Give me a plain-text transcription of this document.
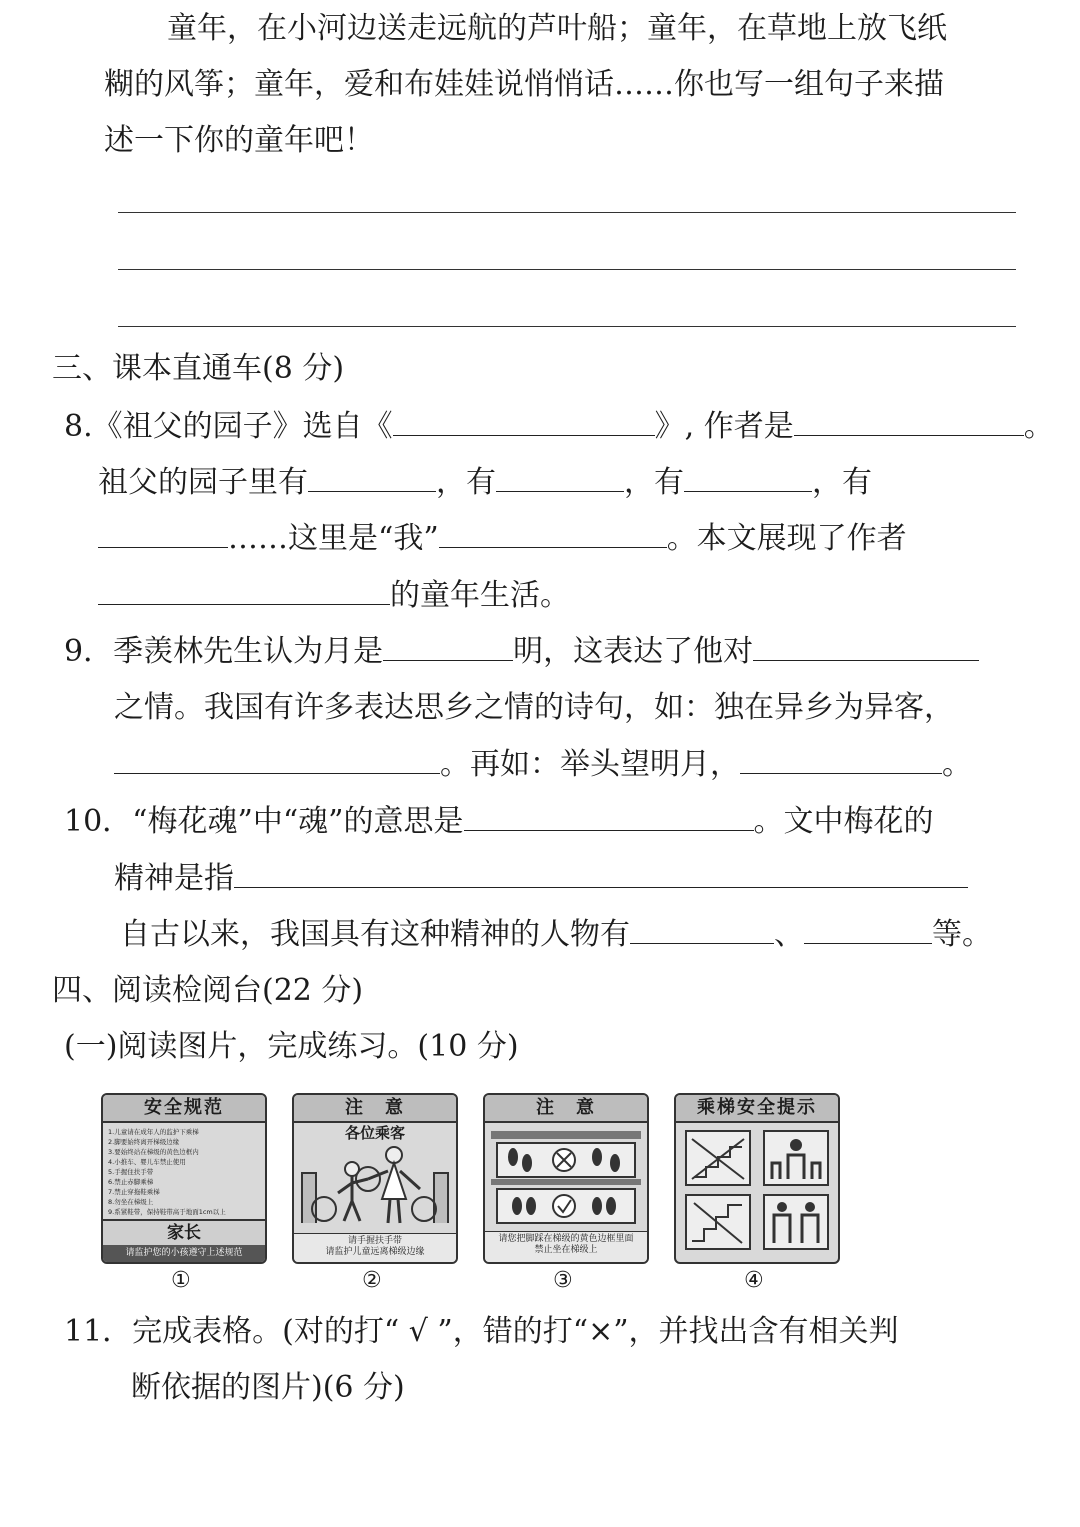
童年，在小河边送走远航的芦叶船；童年，在草地上放飞纸
糊的风筝；童年，爱和布娃娃说悄悄话……你也写一组句子来描
述一下你的童年吧！
三、课本直通车(8 分)
8.《祖父的园子》选自《	》, 作者是	。
祖父的园子里有	，有	，有	，有
……这里是“我”	。本文展现了作者
的童年生活。
9．季羡林先生认为月是	明，这表达了他对
之情。我国有许多表达思乡之情的诗句，如：独在异乡为异客，
。再如：举头望明月，	。
10．“梅花魂”中“魂”的意思是	。文中梅花的
精神是指
自古以来，我国具有这种精神的人物有	、	等。
四、阅读检阅台(22 分)
(一)阅读图片，完成练习。(10 分)
安全规范
1.儿童请在成年人的监护下乘梯
2.脚要始终离开梯级边缘
3.要始终站在梯级的黄色边框内
4.小推车、婴儿车禁止使用
5.手握住扶手带
6.禁止赤脚乘梯
7.禁止穿拖鞋乘梯
8.勿坐在梯级上
9.系紧鞋带，保持鞋带高于地面1cm以上
家长
请监护您的小孩遵守上述规范
注　意
各位乘客
请手握扶手带
请监护儿童远离梯级边缘
注　意
请您把脚踩在梯级的黄色边框里面
禁止坐在梯级上
乘梯安全提示
①	②	③	④
11．完成表格。(对的打“ √ ”，错的打“×”，并找出含有相关判
断依据的图片)(6 分)
